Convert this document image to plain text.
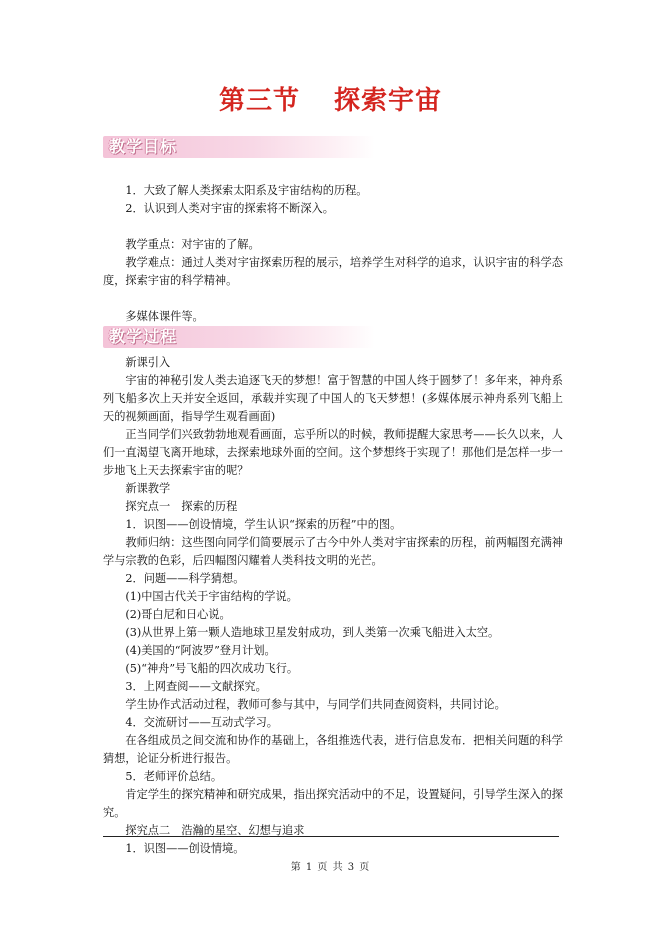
第三节 探索宇宙
教学目标

1．大致了解人类探索太阳系及宇宙结构的历程。

2．认识到人类对宇宙的探索将不断深入。

教学重点：对宇宙的了解。

教学难点：通过人类对宇宙探索历程的展示，培养学生对科学的追求，认识宇宙的科学态度，探索宇宙的科学精神。

多媒体课件等。

教学过程

新课引入

宇宙的神秘引发人类去追逐飞天的梦想！富于智慧的中国人终于圆梦了！多年来，神舟系列飞船多次上天并安全返回，承载并实现了中国人的飞天梦想！(多媒体展示神舟系列飞船上天的视频画面，指导学生观看画面)

正当同学们兴致勃勃地观看画面，忘乎所以的时候，教师提醒大家思考——长久以来，人们一直渴望飞离开地球，去探索地球外面的空间。这个梦想终于实现了！那他们是怎样一步一步地飞上天去探索宇宙的呢？

新课教学

探究点一　探索的历程

1．识图——创设情境，学生认识“探索的历程”中的图。

教师归纳：这些图向同学们简要展示了古今中外人类对宇宙探索的历程，前两幅图充满神学与宗教的色彩，后四幅图闪耀着人类科技文明的光芒。

2．问题——科学猜想。

(1)中国古代关于宇宙结构的学说。

(2)哥白尼和日心说。

(3)从世界上第一颗人造地球卫星发射成功，到人类第一次乘飞船进入太空。

(4)美国的“阿波罗”登月计划。

(5)“神舟”号飞船的四次成功飞行。

3．上网查阅——文献探究。

学生协作式活动过程，教师可参与其中，与同学们共同查阅资料，共同讨论。

4．交流研讨——互动式学习。

在各组成员之间交流和协作的基础上，各组推选代表，进行信息发布．把相关问题的科学猜想，论证分析进行报告。

5．老师评价总结。

肯定学生的探究精神和研究成果，指出探究活动中的不足，设置疑问，引导学生深入的探究。

探究点二　浩瀚的星空、幻想与追求

1．识图——创设情境。

第 1 页 共 3 页
